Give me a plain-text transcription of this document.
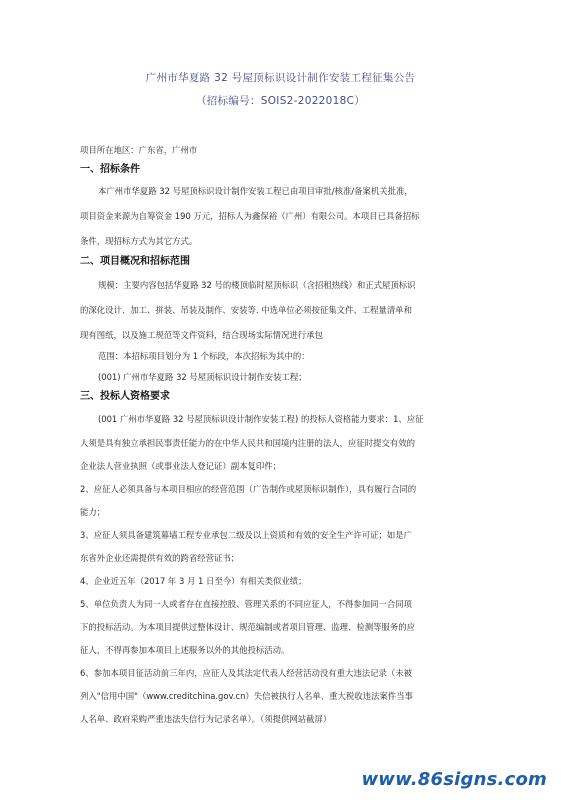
广州市华夏路 32 号屋顶标识设计制作安装工程征集公告
（招标编号：SOIS2-2022018C）
项目所在地区：广东省，广州市
一、招标条件
本广州市华夏路 32 号屋顶标识设计制作安装工程已由项目审批/核准/备案机关批准，
项目资金来源为自筹资金 190 万元，招标人为鑫保裕（广州）有限公司。本项目已具备招标
条件，现招标方式为其它方式。
二、项目概况和招标范围
规模：主要内容包括华夏路 32 号的楼顶临时屋顶标识（含招租热线）和正式屋顶标识
的深化设计、加工、拼装、吊装及制作、安装等. 中选单位必须按征集文件、工程量清单和
现有图纸，以及施工规范等文件资料，结合现场实际情况进行承包
范围：本招标项目划分为 1 个标段，本次招标为其中的：
(001) 广州市华夏路 32 号屋顶标识设计制作安装工程；
三、投标人资格要求
(001 广州市华夏路 32 号屋顶标识设计制作安装工程) 的投标人资格能力要求：1、应征
人须是具有独立承担民事责任能力的在中华人民共和国境内注册的法人，应征时提交有效的
企业法人营业执照（或事业法人登记证）副本复印件；
2、应征人必须具备与本项目相应的经营范围（广告制作或屋顶标识制作），具有履行合同的
能力；
3、应征人须具备建筑幕墙工程专业承包二级及以上资质和有效的安全生产许可证；如是广
东省外企业还需提供有效的跨省经营证书；
4、企业近五年（2017 年 3 月 1 日至今）有相关类似业绩；
5、单位负责人为同一人或者存在直接控股、管理关系的不同应征人，不得参加同一合同项
下的投标活动。为本项目提供过整体设计、规范编制或者项目管理、监理、检测等服务的应
征人，不得再参加本项目上述服务以外的其他投标活动。
6、参加本项目征活动前三年内，应征人及其法定代表人经营活动没有重大违法记录（未被
列入"信用中国"（www.creditchina.gov.cn）失信被执行人名单、重大税收违法案件当事
人名单、政府采购严重违法失信行为记录名单）。（须提供网站截屏）
www.86signs.com
